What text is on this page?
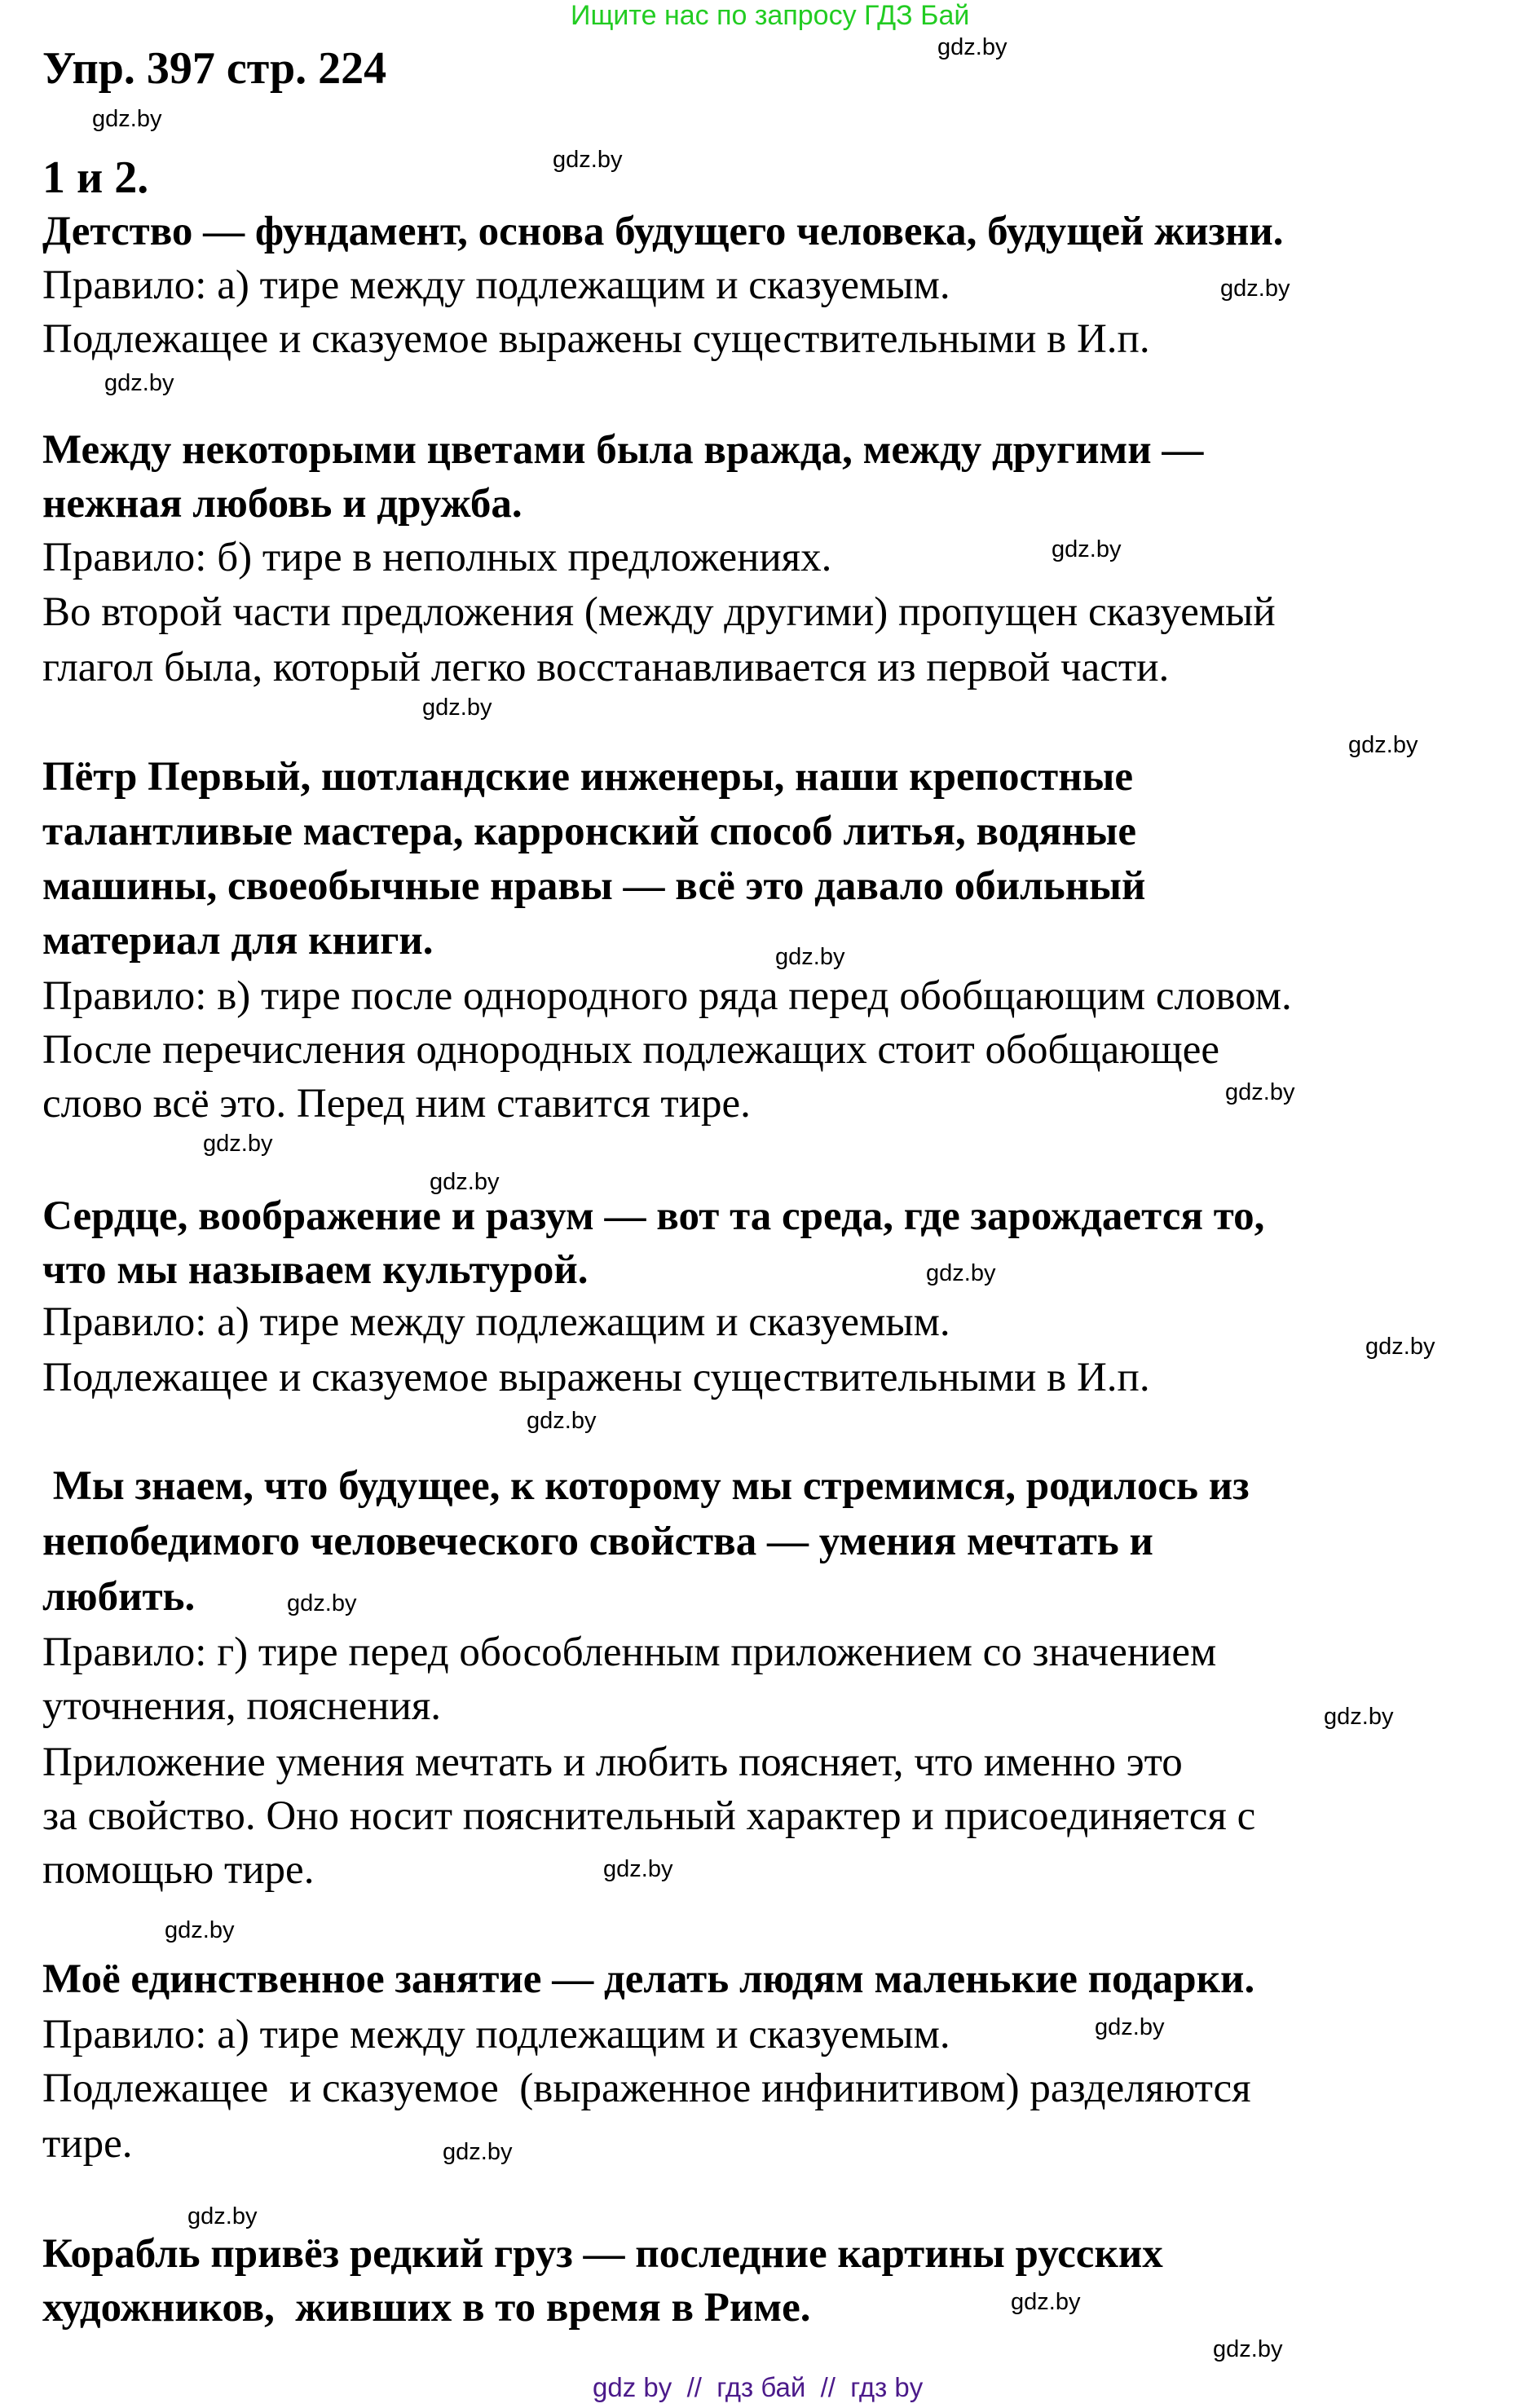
Ищите нас по запросу ГДЗ Бай
Упр. 397 стр. 224
1 и 2.
Детство — фундамент, основа будущего человека, будущей жизни.
Правило: а) тире между подлежащим и сказуемым.
Подлежащее и сказуемое выражены существительными в И.п.
Между некоторыми цветами была вражда, между другими —
нежная любовь и дружба.
Правило: б) тире в неполных предложениях.
Во второй части предложения (между другими) пропущен сказуемый
глагол была, который легко восстанавливается из первой части.
Пётр Первый, шотландские инженеры, наши крепостные
талантливые мастера, карронский способ литья, водяные
машины, своеобычные нравы — всё это давало обильный
материал для книги.
Правило: в) тире после однородного ряда перед обобщающим словом.
После перечисления однородных подлежащих стоит обобщающее
слово всё это. Перед ним ставится тире.
Сердце, воображение и разум — вот та среда, где зарождается то,
что мы называем культурой.
Правило: а) тире между подлежащим и сказуемым.
Подлежащее и сказуемое выражены существительными в И.п.
Мы знаем, что будущее, к которому мы стремимся, родилось из
непобедимого человеческого свойства — умения мечтать и
любить.
Правило: г) тире перед обособленным приложением со значением
уточнения, пояснения.
Приложение умения мечтать и любить поясняет, что именно это
за свойство. Оно носит пояснительный характер и присоединяется с
помощью тире.
Моё единственное занятие — делать людям маленькие подарки.
Правило: а) тире между подлежащим и сказуемым.
Подлежащее  и сказуемое  (выраженное инфинитивом) разделяются
тире.
Корабль привёз редкий груз — последние картины русских
художников,  живших в то время в Риме.
gdz.by
gdz.by
gdz.by
gdz.by
gdz.by
gdz.by
gdz.by
gdz.by
gdz.by
gdz.by
gdz.by
gdz.by
gdz.by
gdz.by
gdz.by
gdz.by
gdz.by
gdz.by
gdz.by
gdz.by
gdz.by
gdz.by
gdz.by
gdz.by
gdz by  //  гдз бай  //  гдз by
